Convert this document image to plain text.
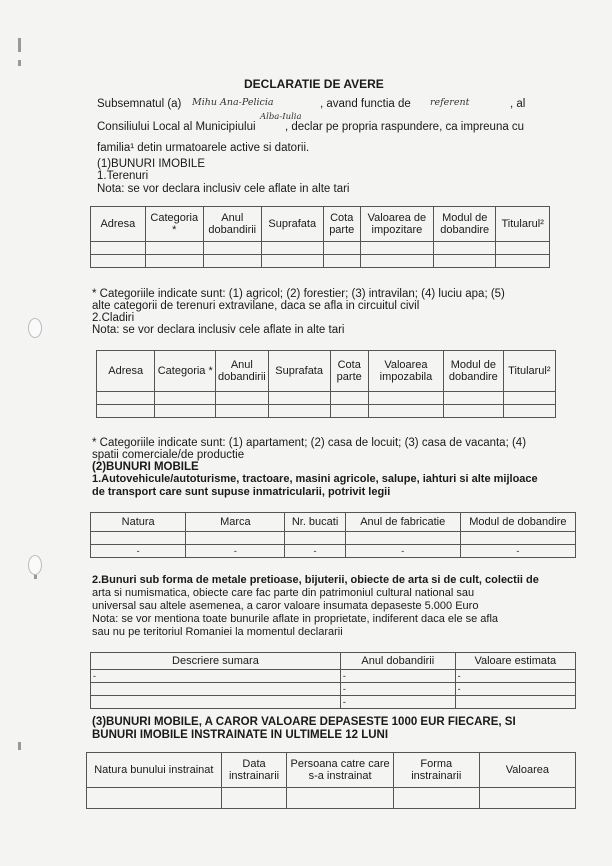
DECLARATIE DE AVERE
Subsemnatul (a) Mihu Ana-Pelicia	, avand functia de referent	, al
Consiliului Local al Municipiului
Alba-Iulia
, declar pe propria raspundere, ca impreuna cu
familia¹ detin urmatoarele active si datorii.
(1)BUNURI IMOBILE
1.Terenuri
Nota: se vor declara inclusiv cele aflate in alte tari
Adresa	Categoria *	Anul dobandirii	Suprafata	Cota parte	Valoarea de impozitare	Modul de dobandire	Titularul²

* Categoriile indicate sunt: (1) agricol; (2) forestier; (3) intravilan; (4) luciu apa; (5)
alte categorii de terenuri extravilane, daca se afla in circuitul civil
2.Cladiri
Nota: se vor declara inclusiv cele aflate in alte tari
Adresa	Categoria *	Anul dobandirii	Suprafata	Cota parte	Valoarea impozabila	Modul de dobandire	Titularul²

* Categoriile indicate sunt: (1) apartament; (2) casa de locuit; (3) casa de vacanta; (4)
spatii comerciale/de productie
(2)BUNURI MOBILE
1.Autovehicule/autoturisme, tractoare, masini agricole, salupe, iahturi si alte mijloace
de transport care sunt supuse inmatricularii, potrivit legii
Natura	Marca	Nr. bucati	Anul de fabricatie	Modul de dobandire

-	-	-	-	-
2.Bunuri sub forma de metale pretioase, bijuterii, obiecte de arta si de cult, colectii de
arta si numismatica, obiecte care fac parte din patrimoniul cultural national sau
universal sau altele asemenea, a caror valoare insumata depaseste 5.000 Euro
Nota: se vor mentiona toate bunurile aflate in proprietate, indiferent daca ele se afla
sau nu pe teritoriul Romaniei la momentul declararii
Descriere sumara	Anul dobandirii	Valoare estimata
-	-	-
	-	-
	-	
(3)BUNURI MOBILE, A CAROR VALOARE DEPASESTE 1000 EUR FIECARE, SI
BUNURI IMOBILE INSTRAINATE IN ULTIMELE 12 LUNI
Natura bunului instrainat	Data instrainarii	Persoana catre care s-a instrainat	Forma instrainarii	Valoarea
